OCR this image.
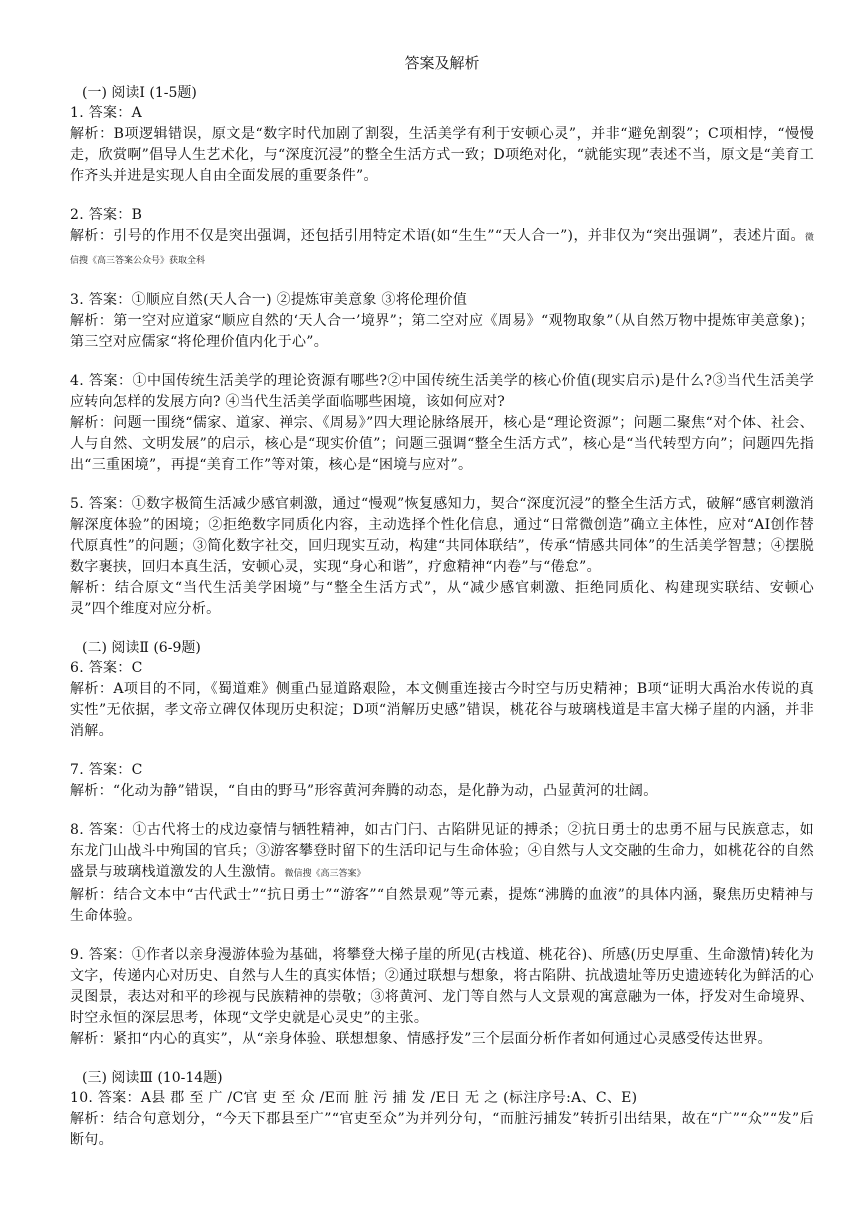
答案及解析
(一) 阅读Ⅰ (1-5题)

1. 答案：A

解析：B项逻辑错误，原文是“数字时代加剧了割裂，生活美学有利于安顿心灵”，并非“避免割裂”；C项相悖，“慢慢走，欣赏啊”倡导人生艺术化，与“深度沉浸”的整全生活方式一致；D项绝对化，“就能实现”表述不当，原文是“美育工作齐头并进是实现人自由全面发展的重要条件”。

2. 答案：B

解析：引号的作用不仅是突出强调，还包括引用特定术语(如“生生”“天人合一”)，并非仅为“突出强调”，表述片面。微信搜《高三答案公众号》获取全科

3. 答案：①顺应自然(天人合一) ②提炼审美意象 ③将伦理价值

解析：第一空对应道家“顺应自然的‘天人合一’境界”；第二空对应《周易》“观物取象”（从自然万物中提炼审美意象)；第三空对应儒家“将伦理价值内化于心”。

4. 答案：①中国传统生活美学的理论资源有哪些?②中国传统生活美学的核心价值(现实启示)是什么?③当代生活美学应转向怎样的发展方向? ④当代生活美学面临哪些困境，该如何应对?

解析：问题一围绕“儒家、道家、禅宗、《周易》”四大理论脉络展开，核心是“理论资源”；问题二聚焦“对个体、社会、人与自然、文明发展”的启示，核心是“现实价值”；问题三强调“整全生活方式”，核心是“当代转型方向”；问题四先指出“三重困境”，再提“美育工作”等对策，核心是“困境与应对”。

5. 答案：①数字极简生活减少感官刺激，通过“慢观”恢复感知力，契合“深度沉浸”的整全生活方式，破解“感官刺激消解深度体验”的困境；②拒绝数字同质化内容，主动选择个性化信息，通过“日常微创造”确立主体性，应对“AI创作替代原真性”的问题；③简化数字社交，回归现实互动，构建“共同体联结”，传承“情感共同体”的生活美学智慧；④摆脱数字裹挟，回归本真生活，安顿心灵，实现“身心和谐”，疗愈精神“内卷”与“倦怠”。

解析：结合原文“当代生活美学困境”与“整全生活方式”，从“减少感官刺激、拒绝同质化、构建现实联结、安顿心灵”四个维度对应分析。

(二) 阅读Ⅱ (6-9题)

6. 答案：C

解析：A项目的不同，《蜀道难》侧重凸显道路艰险，本文侧重连接古今时空与历史精神；B项“证明大禹治水传说的真实性”无依据，孝文帝立碑仅体现历史积淀；D项“消解历史感”错误，桃花谷与玻璃栈道是丰富大梯子崖的内涵，并非消解。

7. 答案：C

解析：“化动为静”错误，“自由的野马”形容黄河奔腾的动态，是化静为动，凸显黄河的壮阔。

8. 答案：①古代将士的戍边豪情与牺牲精神，如古门闩、古陷阱见证的搏杀；②抗日勇士的忠勇不屈与民族意志，如东龙门山战斗中殉国的官兵；③游客攀登时留下的生活印记与生命体验；④自然与人文交融的生命力，如桃花谷的自然盛景与玻璃栈道激发的人生激情。微信搜《高三答案》

解析：结合文本中“古代武士”“抗日勇士”“游客”“自然景观”等元素，提炼“沸腾的血液”的具体内涵，聚焦历史精神与生命体验。

9. 答案：①作者以亲身漫游体验为基础，将攀登大梯子崖的所见(古栈道、桃花谷)、所感(历史厚重、生命激情)转化为文字，传递内心对历史、自然与人生的真实体悟；②通过联想与想象，将古陷阱、抗战遗址等历史遗迹转化为鲜活的心灵图景，表达对和平的珍视与民族精神的崇敬；③将黄河、龙门等自然与人文景观的寓意融为一体，抒发对生命境界、时空永恒的深层思考，体现“文学史就是心灵史”的主张。

解析：紧扣“内心的真实”，从“亲身体验、联想想象、情感抒发”三个层面分析作者如何通过心灵感受传达世界。

(三) 阅读Ⅲ (10-14题)

10. 答案：A县 郡 至 广 /C官 吏 至 众 /E而 脏 污 捕 发 /E日 无 之 (标注序号:A、C、E)

解析：结合句意划分，“今天下郡县至广”“官吏至众”为并列分句，“而脏污捕发”转折引出结果，故在“广”“众”“发”后断句。
